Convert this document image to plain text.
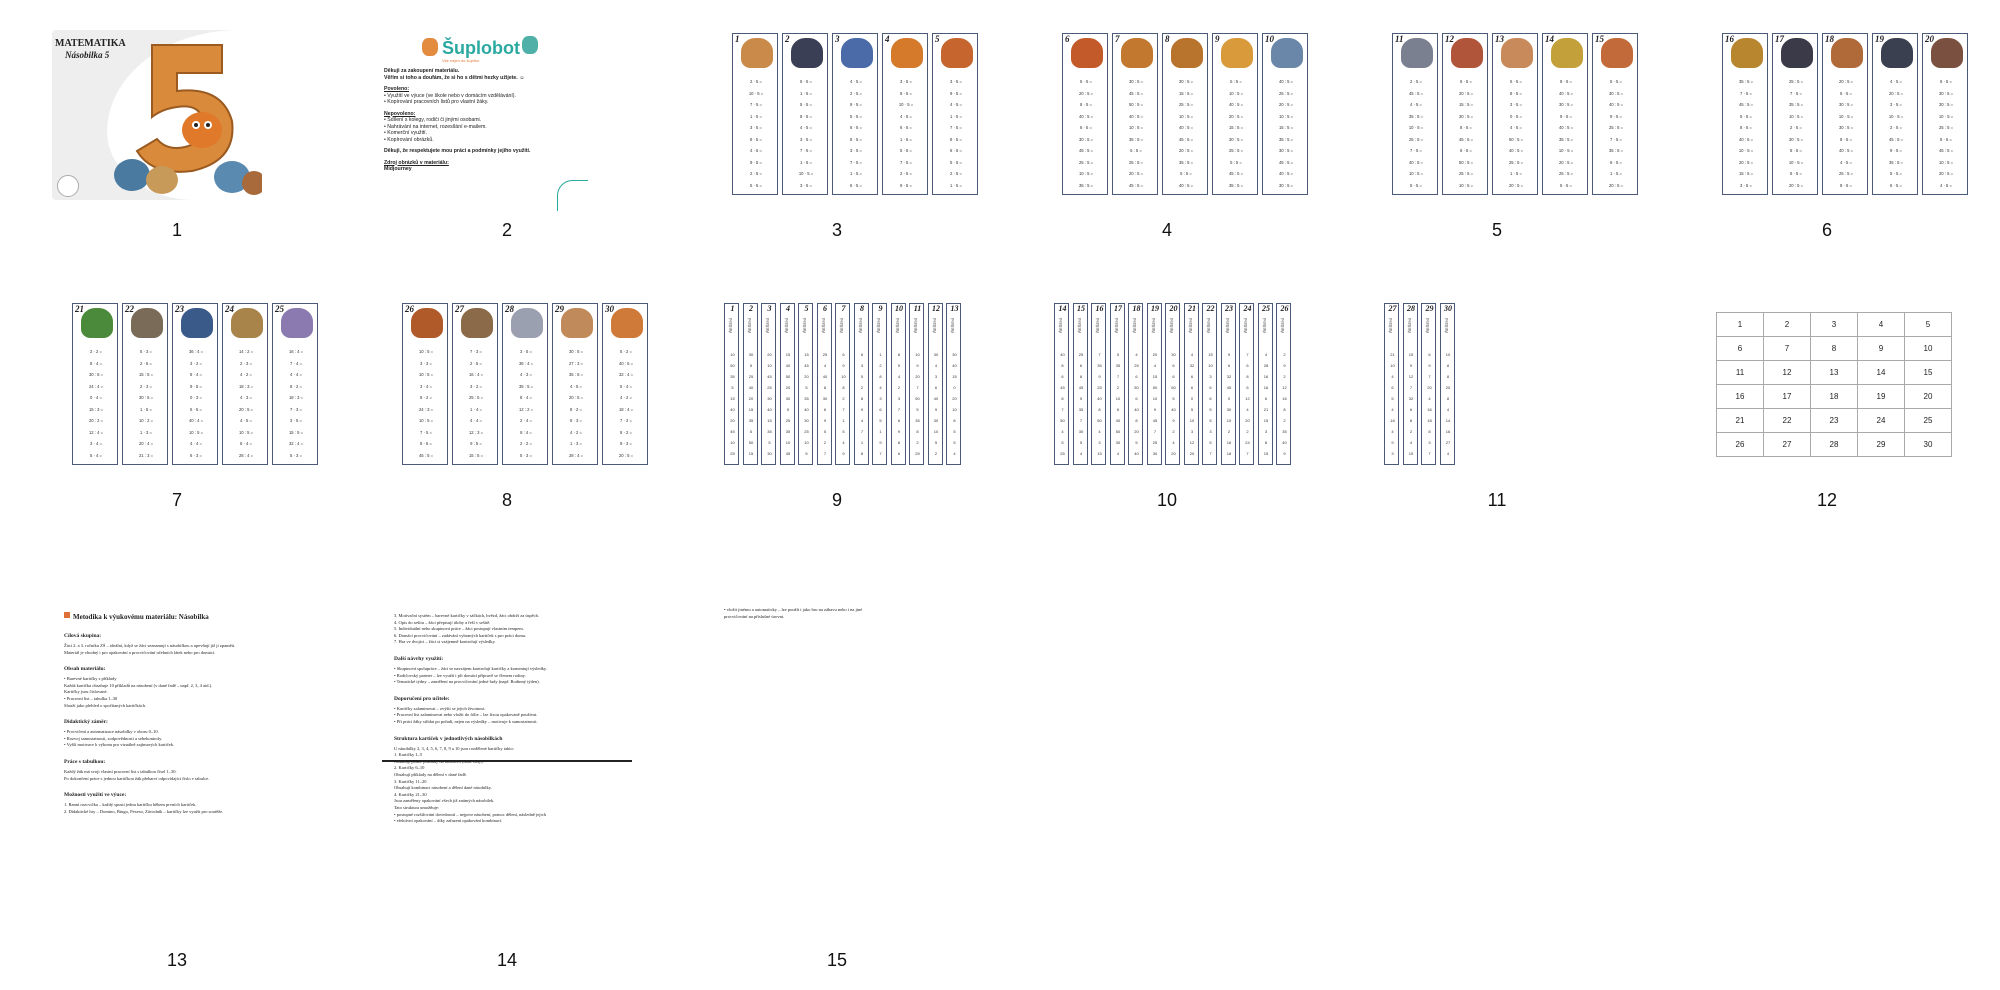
MATEMATIKA
Násobilka 5
1
Šuplobot
Vše nejen do šuplíku
Děkuji za zakoupení materiálu.
Věřím si toho a doufám, že si ho s dětmi hezky užijete. ☺
Povoleno:
• Využití ve výuce (ve škole nebo v domácím vzdělávání).
• Kopírování pracovních listů pro vlastní žáky.
Nepovoleno:
• Sdílení s kolegy, rodiči či jinými osobami.
• Nahrávání na internet, rozesílání e-mailem.
• Komerční využití.
• Kopírování obrázků.
Děkuji, že respektujete mou práci a podmínky jejího využití.
Zdroj obrázků v materiálu:
Midjourney
2
1
2 · 5 =
10 · 5 =
7 · 5 =
1 · 5 =
3 · 5 =
8 · 5 =
4 · 5 =
9 · 5 =
2 · 5 =
5 · 5 =
2
6 · 5 =
1 · 5 =
5 · 5 =
8 · 5 =
4 · 5 =
3 · 5 =
7 · 5 =
1 · 5 =
10 · 5 =
3 · 5 =
3
4 · 5 =
2 · 5 =
9 · 5 =
5 · 5 =
6 · 5 =
8 · 5 =
3 · 5 =
7 · 5 =
1 · 5 =
6 · 5 =
4
3 · 5 =
8 · 5 =
10 · 5 =
4 · 5 =
6 · 5 =
1 · 5 =
5 · 5 =
7 · 5 =
2 · 5 =
9 · 5 =
5
3 · 5 =
9 · 5 =
4 · 5 =
1 · 5 =
7 · 5 =
8 · 5 =
6 · 5 =
5 · 5 =
2 · 5 =
1 · 5 =
3
6
5 · 5 =
20 : 5 =
8 · 5 =
40 : 5 =
6 · 5 =
30 : 5 =
45 : 5 =
25 : 5 =
10 : 5 =
35 : 5 =
7
30 : 5 =
45 : 5 =
50 : 5 =
40 : 5 =
10 : 5 =
35 : 5 =
5 : 5 =
25 : 5 =
20 : 5 =
45 : 5 =
8
30 : 5 =
15 : 5 =
25 : 5 =
10 : 5 =
40 : 5 =
45 : 5 =
20 : 5 =
35 : 5 =
5 : 5 =
40 : 5 =
9
5 : 5 =
10 : 5 =
40 : 5 =
20 : 5 =
15 : 5 =
30 : 5 =
25 : 5 =
5 : 5 =
45 : 5 =
35 : 5 =
10
40 : 5 =
25 : 5 =
20 : 5 =
10 : 5 =
15 : 5 =
35 : 5 =
30 : 5 =
45 : 5 =
40 : 5 =
30 : 5 =
4
11
2 · 5 =
45 : 5 =
4 · 5 =
35 : 5 =
10 · 5 =
25 : 5 =
7 · 5 =
40 : 5 =
10 : 5 =
5 · 5 =
12
6 · 5 =
20 : 5 =
15 : 5 =
30 : 5 =
8 · 5 =
45 : 5 =
6 · 5 =
50 : 5 =
25 : 5 =
10 : 5 =
13
6 · 5 =
8 · 5 =
3 · 5 =
0 · 5 =
4 · 5 =
50 : 5 =
40 : 5 =
25 : 5 =
1 · 5 =
20 : 5 =
14
8 · 5 =
40 : 5 =
30 : 5 =
9 · 5 =
40 : 5 =
35 : 5 =
10 · 5 =
20 : 5 =
25 : 5 =
5 · 5 =
15
5 · 5 =
30 : 5 =
40 : 5 =
9 · 5 =
25 : 5 =
7 · 5 =
35 : 5 =
6 · 5 =
1 · 5 =
20 : 5 =
5
16
35 : 5 =
7 · 5 =
45 : 5 =
5 · 5 =
8 · 5 =
40 : 5 =
10 · 5 =
20 : 5 =
15 : 5 =
3 · 5 =
17
25 : 5 =
7 · 5 =
35 : 5 =
10 : 5 =
2 · 5 =
30 : 5 =
8 · 5 =
10 · 5 =
6 · 5 =
20 : 5 =
18
20 : 5 =
5 · 5 =
30 : 5 =
10 · 5 =
30 : 5 =
8 · 5 =
40 : 5 =
4 · 5 =
25 : 5 =
8 · 5 =
19
4 · 5 =
20 : 5 =
3 · 5 =
10 · 5 =
2 · 5 =
45 : 5 =
9 · 5 =
35 : 5 =
5 · 5 =
6 · 5 =
20
6 · 5 =
30 : 5 =
30 : 5 =
10 · 5 =
25 : 5 =
8 · 5 =
45 : 5 =
10 : 5 =
20 : 5 =
4 · 5 =
6
21
2 · 2 =
8 · 4 =
30 : 5 =
24 : 4 =
0 · 4 =
15 : 3 =
20 : 2 =
12 : 4 =
3 · 4 =
5 · 4 =
22
5 · 3 =
2 · 5 =
15 : 5 =
2 · 3 =
30 : 5 =
1 · 5 =
10 : 2 =
1 · 3 =
20 : 4 =
21 : 3 =
23
36 : 4 =
3 · 2 =
8 · 4 =
9 · 5 =
0 · 3 =
6 · 5 =
40 : 4 =
10 : 5 =
4 · 4 =
6 · 3 =
24
14 : 2 =
2 · 3 =
4 · 2 =
18 : 3 =
4 · 3 =
20 : 5 =
4 · 5 =
10 : 5 =
6 · 4 =
28 : 4 =
25
16 : 4 =
7 · 4 =
4 · 4 =
8 · 2 =
18 : 3 =
7 · 3 =
3 · 5 =
15 : 5 =
32 : 4 =
5 · 3 =
7
26
10 : 5 =
3 · 3 =
10 : 5 =
3 · 4 =
8 · 2 =
24 : 3 =
10 : 5 =
7 · 5 =
8 · 5 =
45 : 5 =
27
7 · 3 =
2 · 5 =
16 : 4 =
3 · 2 =
25 : 5 =
1 · 4 =
4 · 4 =
12 : 3 =
9 : 5 =
15 : 5 =
28
3 · 5 =
36 : 4 =
4 · 3 =
35 : 5 =
8 · 4 =
12 : 2 =
2 · 4 =
8 : 4 =
2 · 2 =
5 · 3 =
29
30 : 5 =
27 : 3 =
35 : 5 =
4 · 5 =
20 : 5 =
8 · 2 =
6 · 3 =
4 · 2 =
1 · 3 =
28 : 4 =
30
5 · 2 =
40 : 5 =
32 : 4 =
5 · 4 =
4 · 2 =
18 : 4 =
7 · 2 =
8 · 2 =
9 · 3 =
20 : 5 =
8
1
ŘEŠENÍ
10
50
35
5
15
40
20
45
10
25
2
ŘEŠENÍ
30
5
25
40
20
15
35
5
50
15
3
ŘEŠENÍ
20
10
45
25
30
40
15
35
5
30
4
ŘEŠENÍ
15
40
50
20
30
5
25
35
10
45
5
ŘEŠENÍ
15
45
20
5
35
40
30
25
10
5
6
ŘEŠENÍ
25
4
40
8
30
6
9
5
2
7
7
ŘEŠENÍ
6
9
10
8
2
7
1
5
4
9
8
ŘEŠENÍ
6
3
5
2
8
9
4
7
1
8
9
ŘEŠENÍ
1
2
8
4
3
6
5
1
9
7
10
ŘEŠENÍ
8
5
4
2
3
7
6
9
8
6
11
ŘEŠENÍ
10
9
20
7
50
5
35
8
2
25
12
ŘEŠENÍ
30
4
3
6
40
9
30
10
5
2
13
ŘEŠENÍ
30
40
15
0
20
10
8
5
5
4
9
14
ŘEŠENÍ
40
8
6
45
8
7
50
4
5
25
15
ŘEŠENÍ
25
6
8
45
5
35
7
30
5
4
16
ŘEŠENÍ
7
35
9
25
40
8
50
4
3
15
17
ŘEŠENÍ
5
35
7
2
10
6
40
50
30
4
18
ŘEŠENÍ
4
25
6
50
6
40
8
20
5
40
19
ŘEŠENÍ
20
4
15
50
10
9
45
7
25
30
20
ŘEŠENÍ
30
6
6
50
5
40
9
2
4
20
21
ŘEŠENÍ
4
32
6
6
0
5
10
3
12
20
22
ŘEŠENÍ
15
10
3
6
6
5
5
3
5
7
23
ŘEŠENÍ
9
6
32
45
0
30
10
2
16
18
24
ŘEŠENÍ
7
6
8
6
12
4
20
2
24
7
25
ŘEŠENÍ
4
28
16
16
6
21
15
3
8
15
26
ŘEŠENÍ
2
9
2
12
16
8
2
35
40
9
10
27
ŘEŠENÍ
21
10
4
6
5
4
16
4
9
3
28
ŘEŠENÍ
15
9
12
7
32
6
8
2
4
15
29
ŘEŠENÍ
6
9
7
20
4
16
18
8
3
7
30
ŘEŠENÍ
10
8
8
20
8
4
14
16
27
4
11
1	2	3	4	5
6	7	8	9	10
11	12	13	14	15
16	17	18	19	20
21	22	23	24	25
26	27	28	29	30
12
Metodika k výukovému materiálu: Násobilka
Cílová skupina:
Žáci 2. a 3. ročníku ZŠ – ideální, když se žáci seznamují s násobilkou a upevňují již ji zpaměti.
Materiál je vhodný i pro opakování a procvičování učebních látek nebo pro domácí.
Obsah materiálu:
• Barevné kartičky s příklady
Každá kartička obsahuje 10 příkladů na násobení (v dané řadě – např. 2, 3, 4 atd.).
Kartičky jsou číslované.
• Pracovní list – tabulka 1–30
Slouží jako přehled o spočítaných kartičkách.
Didaktický záměr:
• Procvičení a automatizace násobilky v oboru 0–10.
• Rozvoj samostatnosti, zodpovědnosti a sebekontroly.
• Vyšší motivace k výkonu pro vizuálně zajímavých kartiček.
Práce s tabulkou:
Každý žák má svoji vlastní pracovní list s tabulkou čísel 1–30.
Po dokončení práce s jednou kartičkou žák přebarví odpovídající číslo v tabulce.
Možnosti využití ve výuce:
1. Ranní rozcvička – každý spustí jednu kartičku během prvních kartiček.
2. Didaktické hry – Domino, Bingo, Pexeso, Závodník – kartičky lze využít pro soutěže.
13
3. Motivační systém – barevné kartičky v sáčkách, hvězd, žáci obdrží za úspěch.
4. Opis do sešitu – žáci přepisují úlohy a řeší v sešitě.
5. Individuální nebo skupinová práce – žáci postupují vlastním tempem.
6. Domácí procvičování – zadávání vybraných kartiček s pro práci doma.
7. Hra ve dvojici – žáci si vzájemně kontrolují výsledky.
Další návrhy využití:
• Skupinová spolupráce – žáci se navzájem kontrolují kartičky a komentují výsledky.
• Rodičovský partner – lze využít i při domácí přípravě se členem rodiny.
• Tematické týdny – zaměření na procvičování jedné řady (např. Rodinný týden).
Doporučení pro učitele:
• Kartičky zalaminovat – zvýšit se jejich životnost.
• Pracovní list zalaminovat nebo vložit do fólie – lze fixou opakovaně používat.
• Při práci žáky střídat po pořadí, nejen na výsledky – motivuje k samostatnosti.
Struktura kartiček v jednotlivých násobilkách
U násobilky 2, 3, 4, 5, 6, 7, 8, 9 a 10 jsou rozdělené kartičky takto:
1. Kartičky 1–5
2. Kartičky 6–10
Obsahují příklady na dělení v dané řadě.
3. Kartičky 11–20
Obsahují kombinaci násobení a dělení dané násobilky.
4. Kartičky 21–30
Jsou zaměřeny opakování všech již známých násobilek.
Tato struktura umožňuje:
• postupné rozšiřování dovedností – nejprve násobení, pomoc dělení, následně jejich
• efektivní opakování – díky zařazení opakování kombinací.
14
• vložit jinému a automaticky – lze použít i jako hru na zábavu nebo i na jiné
procvičování na příslušné úrovni.
15
